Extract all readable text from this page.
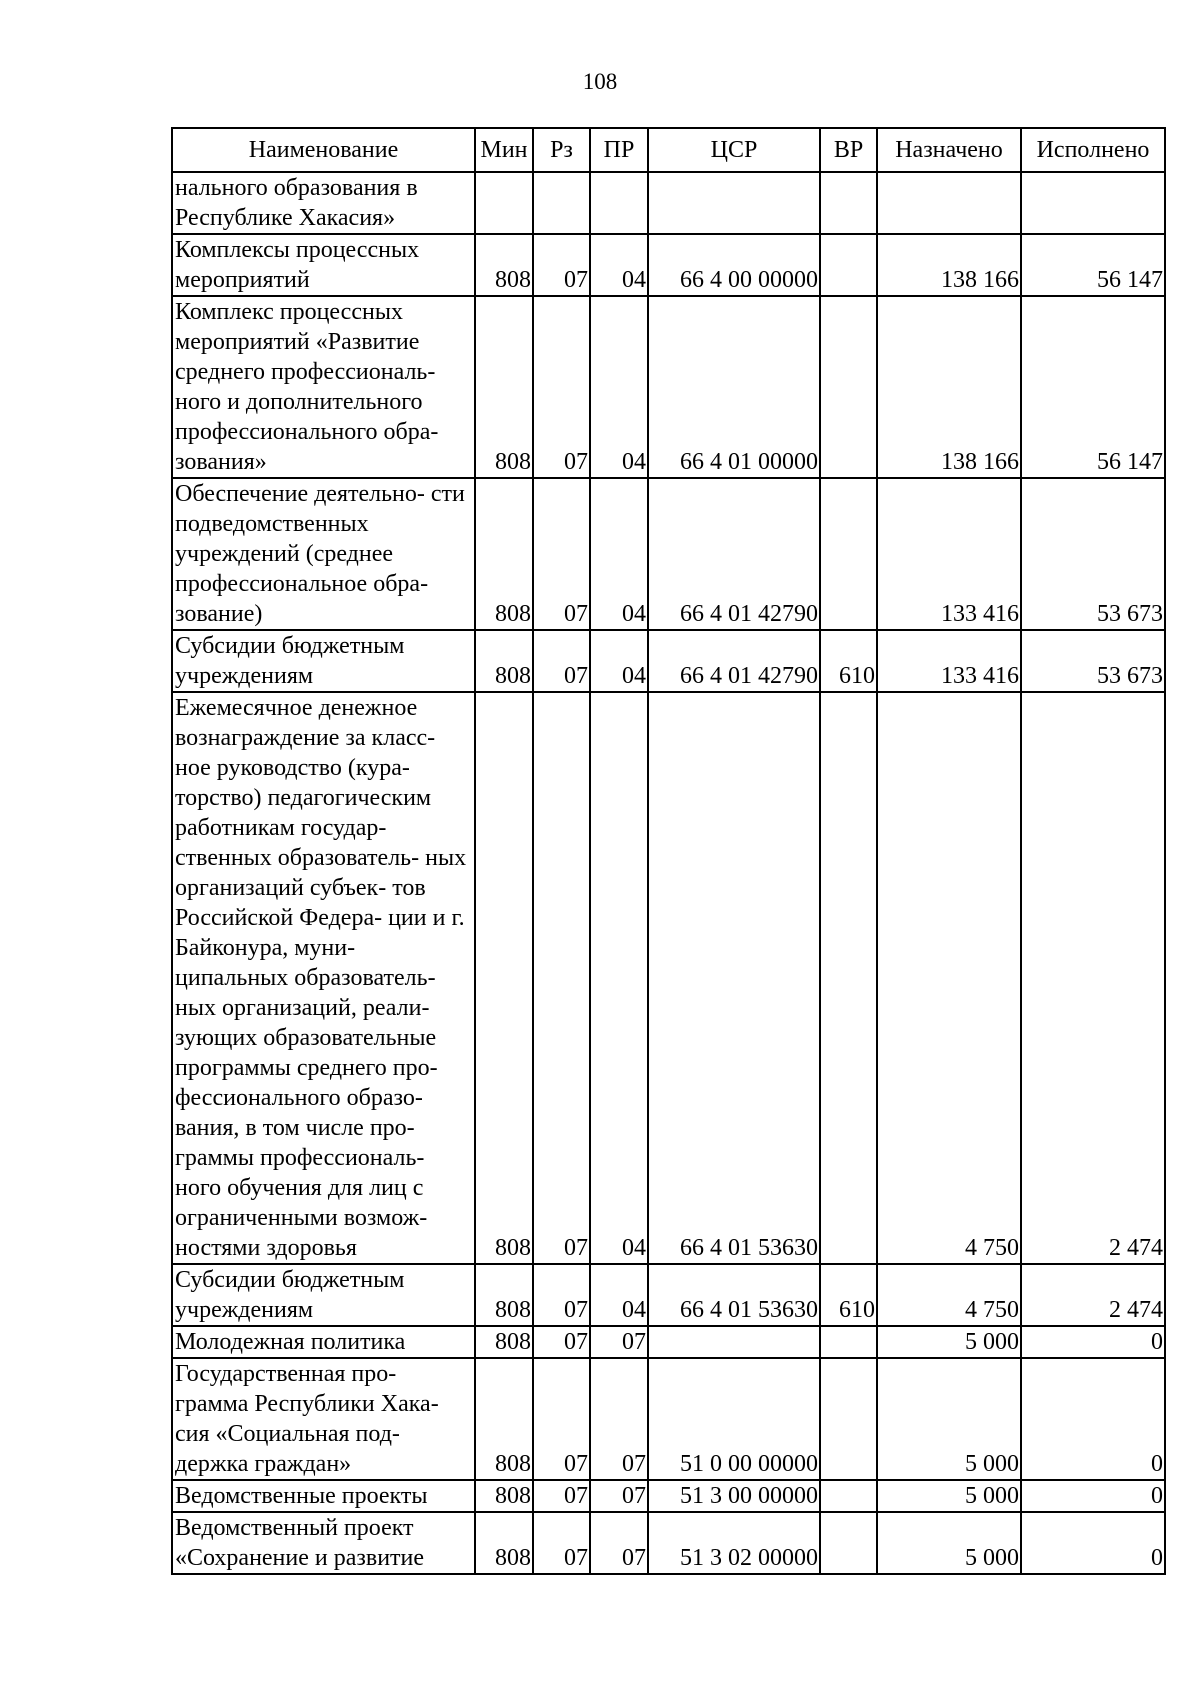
108
Наименование	Мин	Рз	ПР	ЦСР	ВР	Назначено	Исполнено
нального образования в Республике Хакасия»							
Комплексы процессных мероприятий	808	07	04	66 4 00 00000		138 166	56 147
Комплекс процессных мероприятий «Развитие среднего профессиональ- ного и дополнительного профессионального обра- зования»	808	07	04	66 4 01 00000		138 166	56 147
Обеспечение деятельно- сти подведомственных учреждений (среднее профессиональное обра- зование)	808	07	04	66 4 01 42790		133 416	53 673
Субсидии бюджетным учреждениям	808	07	04	66 4 01 42790	610	133 416	53 673
Ежемесячное денежное вознаграждение за класс- ное руководство (кура- торство) педагогическим работникам государ- ственных образователь- ных организаций субъек- тов Российской Федера- ции и г. Байконура, муни- ципальных образователь- ных организаций, реали- зующих образовательные программы среднего про- фессионального образо- вания, в том числе про- граммы профессиональ- ного обучения для лиц с ограниченными возмож- ностями здоровья	808	07	04	66 4 01 53630		4 750	2 474
Субсидии бюджетным учреждениям	808	07	04	66 4 01 53630	610	4 750	2 474
Молодежная политика	808	07	07			5 000	0
Государственная про- грамма Республики Хака- сия «Социальная под- держка граждан»	808	07	07	51 0 00 00000		5 000	0
Ведомственные проекты	808	07	07	51 3 00 00000		5 000	0
Ведомственный проект «Сохранение и развитие	808	07	07	51 3 02 00000		5 000	0
